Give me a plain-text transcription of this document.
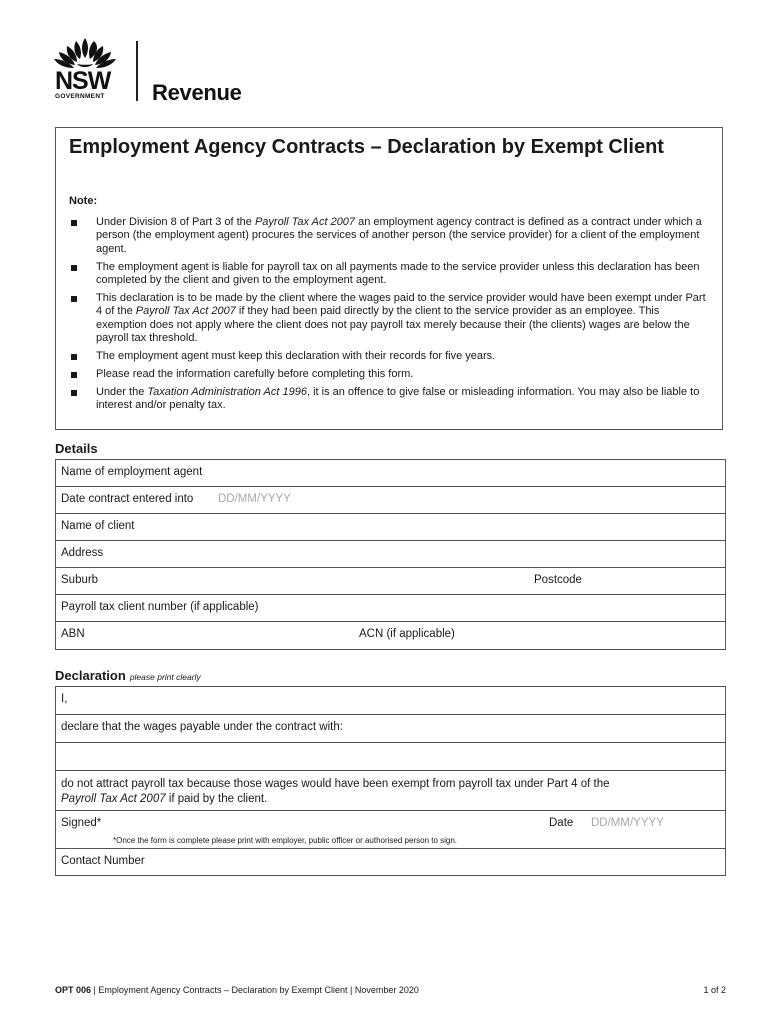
NSW
GOVERNMENT Revenue
Employment Agency Contracts – Declaration by Exempt Client
Note:
Under Division 8 of Part 3 of the Payroll Tax Act 2007 an employment agency contract is defined as a contract under which a person (the employment agent) procures the services of another person (the service provider) for a client of the employment agent.
The employment agent is liable for payroll tax on all payments made to the service provider unless this declaration has been completed by the client and given to the employment agent.
This declaration is to be made by the client where the wages paid to the service provider would have been exempt under Part 4 of the Payroll Tax Act 2007 if they had been paid directly by the client to the service provider as an employee. This exemption does not apply where the client does not pay payroll tax merely because their (the clients) wages are below the payroll tax threshold.
The employment agent must keep this declaration with their records for five years.
Please read the information carefully before completing this form.
Under the Taxation Administration Act 1996, it is an offence to give false or misleading information. You may also be liable to interest and/or penalty tax.
Details
Name of employment agent
Date contract entered into DD/MM/YYYY
Name of client
Address
Suburb	Postcode
Payroll tax client number (if applicable)
ABN	ACN (if applicable)
Declaration please print clearly
I,
declare that the wages payable under the contract with:
do not attract payroll tax because those wages would have been exempt from payroll tax under Part 4 of the
Payroll Tax Act 2007 if paid by the client.
Signed*	Date DD/MM/YYYY
*Once the form is complete please print with employer, public officer or authorised person to sign.
Contact Number
OPT 006 | Employment Agency Contracts – Declaration by Exempt Client | November 2020	1 of 2
